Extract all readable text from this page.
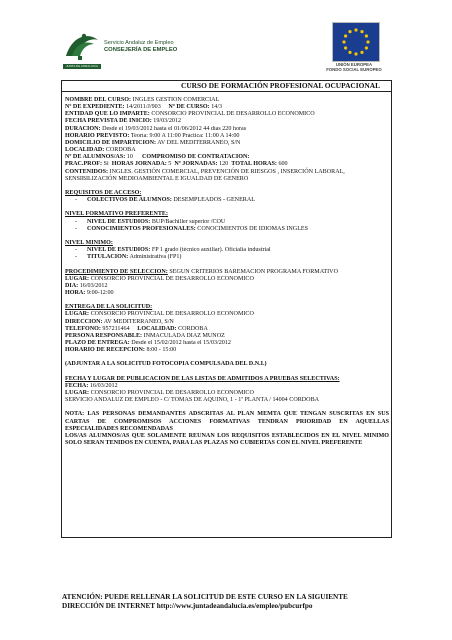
JUNTA DE ANDALUCIA
Servicio Andaluz de Empleo
CONSEJERÍA DE EMPLEO
UNIÓN EUROPEA
FONDO SOCIAL EUROPEO
CURSO DE FORMACIÓN PROFESIONAL OCUPACIONAL
NOMBRE DEL CURSO: INGLES GESTION COMERCIAL
Nº DE EXPEDIENTE: 14/2011/J/903 Nº DE CURSO: 14/3
ENTIDAD QUE LO IMPARTE: CONSORCIO PROVINCIAL DE DESARROLLO ECONÓMICO
FECHA PREVISTA DE INICIO: 19/03/2012
DURACIÓN: Desde el 19/03/2012 hasta el 01/06/2012 44 días 220 horas
HORARIO PREVISTO: Teoría: 9:00 A 11:00 Práctica: 11:00 A 14:00
DOMICILIO DE IMPARTICIÓN: AV DEL MEDITERRANEO, S/N
LOCALIDAD: CORDOBA
Nº DE ALUMNOS/AS: 10 COMPROMISO DE CONTRATACIÓN:
PRÁC.PROF: Si HORAS JORNADA: 5 Nº JORNADAS: 120 TOTAL HORAS: 600
CONTENIDOS: INGLES. GESTIÓN COMERCIAL, PREVENCIÓN DE RIESGOS , INSERCIÓN LABORAL, SENSIBILIZACIÓN MEDIOAMBIENTAL E IGUALDAD DE GENERO
REQUISITOS DE ACCESO:
- COLECTIVOS DE ALUMNOS: DESEMPLEADOS - GENERAL
NIVEL FORMATIVO PREFERENTE:
- NIVEL DE ESTUDIOS: BUP/Bachiller superior /COU
- CONOCIMIENTOS PROFESIONALES: CONOCIMIENTOS DE IDIOMAS INGLÉS
NIVEL MÍNIMO:
- NIVEL DE ESTUDIOS: FP 1 grado (técnico auxiliar). Oficialia industrial
- TITULACIÓN: Administrativa (FP1)
PROCEDIMIENTO DE SELECCIÓN: SEGÚN CRITERIOS BAREMACIÓN PROGRAMA FORMATIVO
LUGAR: CONSORCIO PROVINCIAL DE DESARROLLO ECONÓMICO
DÍA: 16/03/2012
HORA: 9:00-12:00
ENTREGA DE LA SOLICITUD:
LUGAR: CONSORCIO PROVINCIAL DE DESARROLLO ECONÓMICO
DIRECCION: AV MEDITERRÁNEO, S/N
TELÉFONO: 957211464 LOCALIDAD: CORDOBA
PERSONA RESPONSABLE: INMACULADA DIAZ MUÑOZ
PLAZO DE ENTREGA: Desde el 15/02/2012 hasta el 15/03/2012
HORARIO DE RECEPCIÓN: 8:00 - 15:00
(ADJUNTAR A LA SOLICITUD FOTOCOPIA COMPULSADA DEL D.N.I.)
FECHA Y LUGAR DE PUBLICACIÓN DE LAS LISTAS DE ADMITIDOS A PRUEBAS SELECTIVAS:
FECHA: 16/03/2012
LUGAR: CONSORCIO PROVINCIAL DE DESARROLLO ECONÓMICO
SERVICIO ANDALUZ DE EMPLEO - C/ TOMÁS DE AQUINO, 1 - 1ª PLANTA / 14004 CÓRDOBA
NOTA: LAS PERSONAS DEMANDANTES ADSCRITAS AL PLAN MEMTA QUE TENGAN SUSCRITAS EN SUS CARTAS DE COMPROMISOS ACCIONES FORMATIVAS TENDRAN PRIORIDAD EN AQUELLAS ESPECIALIDADES RECOMENDADAS
LOS/AS ALUMNOS/AS QUE SOLAMENTE REUNAN LOS REQUISITOS ESTABLECIDOS EN EL NIVEL MINIMO SOLO SERAN TENIDOS EN CUENTA, PARA LAS PLAZAS NO CUBIERTAS CON EL NIVEL PREFERENTE
ATENCIÓN: PUEDE RELLENAR LA SOLICITUD DE ESTE CURSO EN LA SIGUIENTE
DIRECCIÓN DE INTERNET http://www.juntadeandalucia.es/empleo/pubcurfpo
